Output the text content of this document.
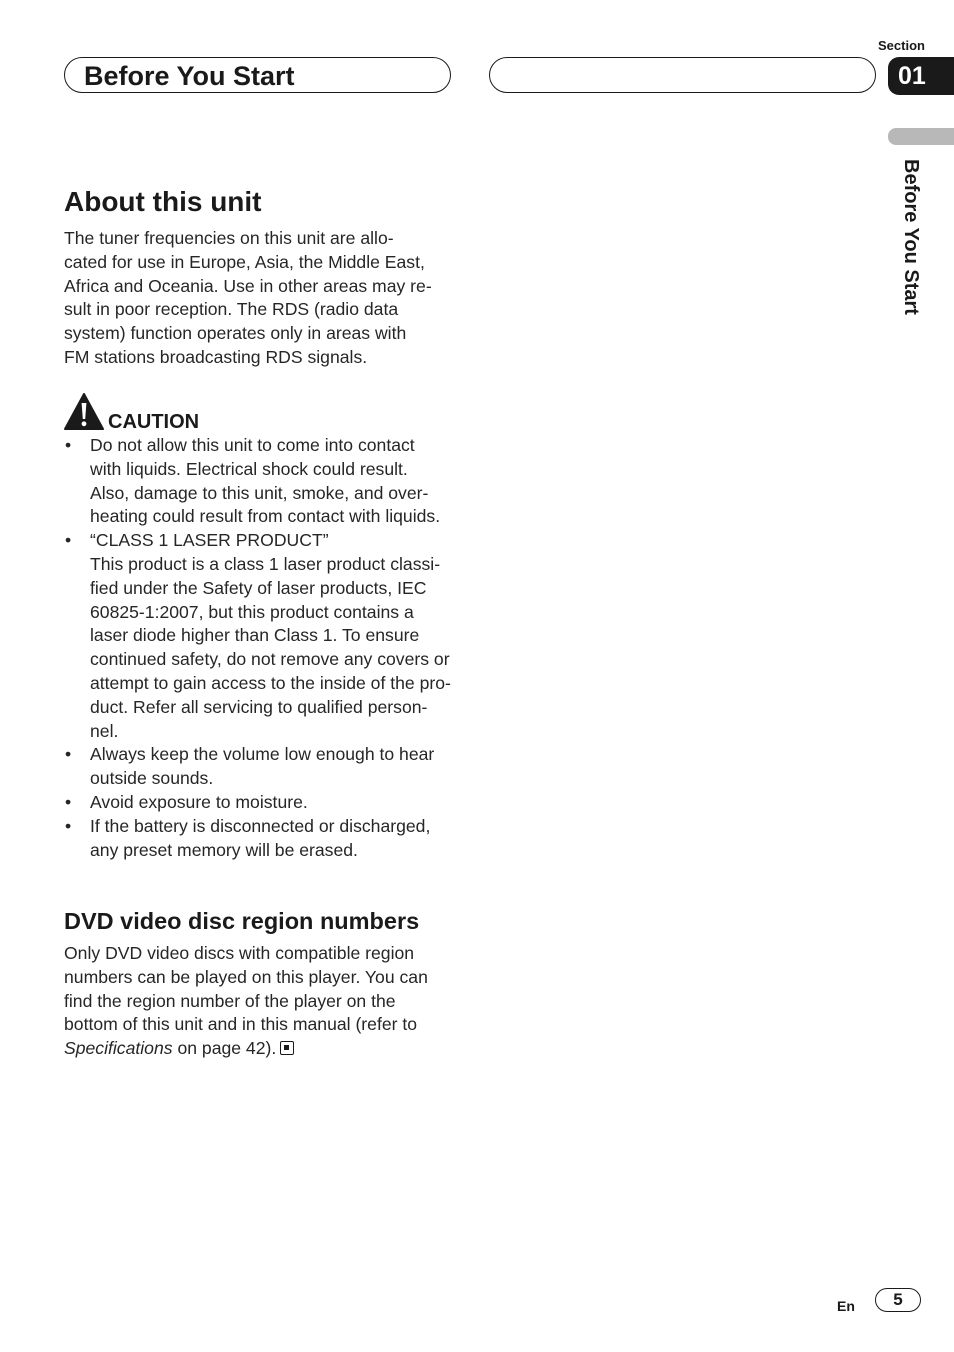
Before You Start
Section
01
Before You Start
About this unit
The tuner frequencies on this unit are allo-
cated for use in Europe, Asia, the Middle East,
Africa and Oceania. Use in other areas may re-
sult in poor reception. The RDS (radio data
system) function operates only in areas with
FM stations broadcasting RDS signals.
CAUTION
• Do not allow this unit to come into contact
with liquids. Electrical shock could result.
Also, damage to this unit, smoke, and over-
heating could result from contact with liquids.
• “CLASS 1 LASER PRODUCT”
This product is a class 1 laser product classi-
fied under the Safety of laser products, IEC
60825-1:2007, but this product contains a
laser diode higher than Class 1. To ensure
continued safety, do not remove any covers or
attempt to gain access to the inside of the pro-
duct. Refer all servicing to qualified person-
nel.
• Always keep the volume low enough to hear
outside sounds.
• Avoid exposure to moisture.
• If the battery is disconnected or discharged,
any preset memory will be erased.
DVD video disc region numbers
Only DVD video discs with compatible region
numbers can be played on this player. You can
find the region number of the player on the
bottom of this unit and in this manual (refer to
Specifications on page 42).
En	5
